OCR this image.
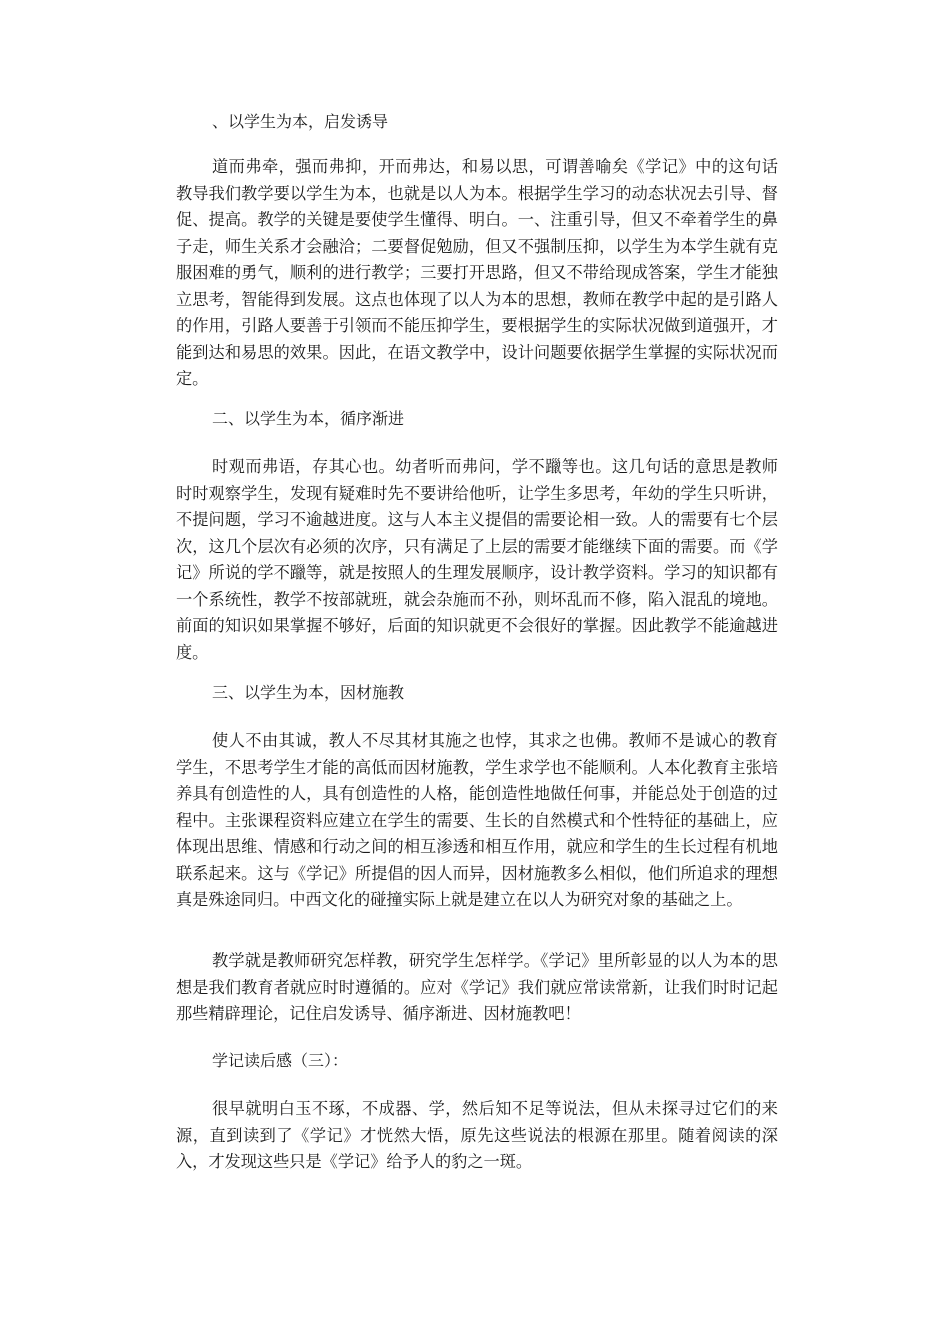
、以学生为本，启发诱导
道而弗牵，强而弗抑，开而弗达，和易以思，可谓善喻矣《学记》中的这句话教导我们教学要以学生为本，也就是以人为本。根据学生学习的动态状况去引导、督促、提高。教学的关键是要使学生懂得、明白。一、注重引导，但又不牵着学生的鼻子走，师生关系才会融洽；二要督促勉励，但又不强制压抑，以学生为本学生就有克服困难的勇气，顺利的进行教学；三要打开思路，但又不带给现成答案，学生才能独立思考，智能得到发展。这点也体现了以人为本的思想，教师在教学中起的是引路人的作用，引路人要善于引领而不能压抑学生，要根据学生的实际状况做到道强开，才能到达和易思的效果。因此，在语文教学中，设计问题要依据学生掌握的实际状况而定。
二、以学生为本，循序渐进
时观而弗语，存其心也。幼者听而弗问，学不躐等也。这几句话的意思是教师时时观察学生，发现有疑难时先不要讲给他听，让学生多思考，年幼的学生只听讲，不提问题，学习不逾越进度。这与人本主义提倡的需要论相一致。人的需要有七个层次，这几个层次有必须的次序，只有满足了上层的需要才能继续下面的需要。而《学记》所说的学不躐等，就是按照人的生理发展顺序，设计教学资料。学习的知识都有一个系统性，教学不按部就班，就会杂施而不孙，则坏乱而不修，陷入混乱的境地。前面的知识如果掌握不够好，后面的知识就更不会很好的掌握。因此教学不能逾越进度。
三、以学生为本，因材施教
使人不由其诚，教人不尽其材其施之也悖，其求之也佛。教师不是诚心的教育学生，不思考学生才能的高低而因材施教，学生求学也不能顺利。人本化教育主张培养具有创造性的人，具有创造性的人格，能创造性地做任何事，并能总处于创造的过程中。主张课程资料应建立在学生的需要、生长的自然模式和个性特征的基础上，应体现出思维、情感和行动之间的相互渗透和相互作用，就应和学生的生长过程有机地联系起来。这与《学记》所提倡的因人而异，因材施教多么相似，他们所追求的理想真是殊途同归。中西文化的碰撞实际上就是建立在以人为研究对象的基础之上。
教学就是教师研究怎样教，研究学生怎样学。《学记》里所彰显的以人为本的思想是我们教育者就应时时遵循的。应对《学记》我们就应常读常新，让我们时时记起那些精辟理论，记住启发诱导、循序渐进、因材施教吧！
学记读后感（三）：
很早就明白玉不琢，不成器、学，然后知不足等说法，但从未探寻过它们的来源，直到读到了《学记》才恍然大悟，原先这些说法的根源在那里。随着阅读的深入，才发现这些只是《学记》给予人的豹之一斑。
